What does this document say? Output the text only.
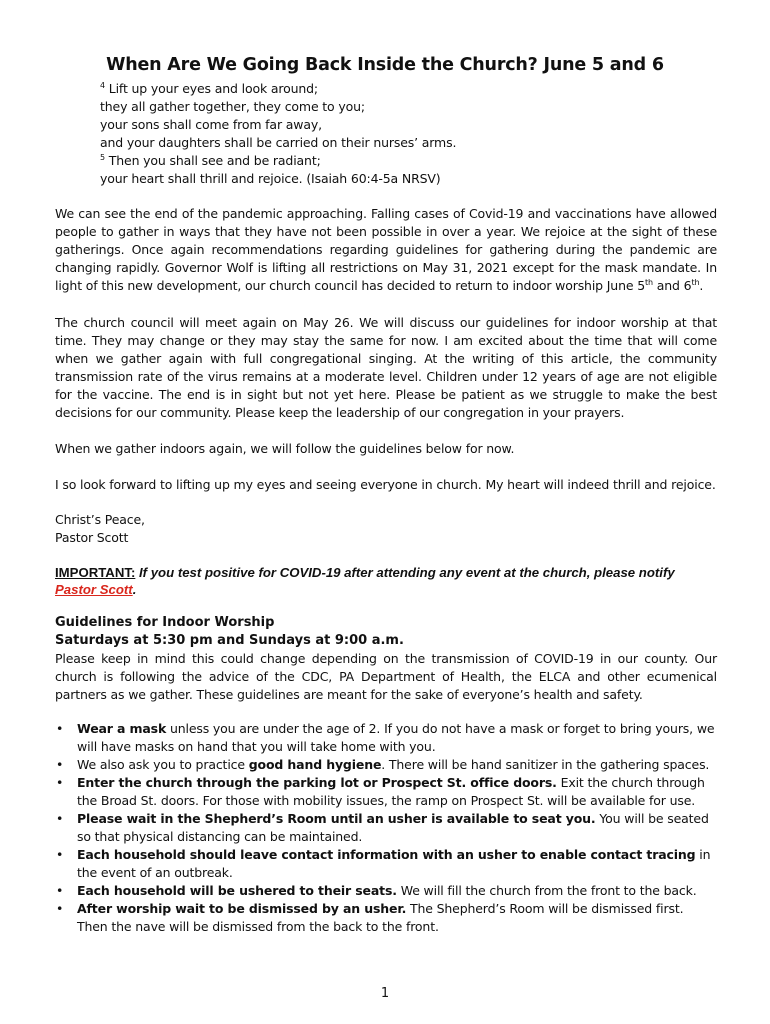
When Are We Going Back Inside the Church? June 5 and 6
$^4$ Lift up your eyes and look around;
they all gather together, they come to you;
your sons shall come from far away,
and your daughters shall be carried on their nurses’ arms.
$^5$ Then you shall see and be radiant;
your heart shall thrill and rejoice. (Isaiah 60:4-5a NRSV)

We can see the end of the pandemic approaching. Falling cases of Covid-19 and vaccinations have allowed people to gather in ways that they have not been possible in over a year. We rejoice at the sight of these gatherings. Once again recommendations regarding guidelines for gathering during the pandemic are changing rapidly. Governor Wolf is lifting all restrictions on May 31, 2021 except for the mask mandate. In light of this new development, our church council has decided to return to indoor worship June 5th and 6th.

The church council will meet again on May 26. We will discuss our guidelines for indoor worship at that time. They may change or they may stay the same for now. I am excited about the time that will come when we gather again with full congregational singing. At the writing of this article, the community transmission rate of the virus remains at a moderate level. Children under 12 years of age are not eligible for the vaccine. The end is in sight but not yet here. Please be patient as we struggle to make the best decisions for our community. Please keep the leadership of our congregation in your prayers.

When we gather indoors again, we will follow the guidelines below for now.

I so look forward to lifting up my eyes and seeing everyone in church. My heart will indeed thrill and rejoice.

Christ’s Peace,
Pastor Scott

IMPORTANT: If you test positive for COVID-19 after attending any event at the church, please notify Pastor Scott.
Guidelines for Indoor Worship
Saturdays at 5:30 pm and Sundays at 9:00 a.m.
Please keep in mind this could change depending on the transmission of COVID-19 in our county. Our church is following the advice of the CDC, PA Department of Health, the ELCA and other ecumenical partners as we gather. These guidelines are meant for the sake of everyone’s health and safety.
• Wear a mask unless you are under the age of 2. If you do not have a mask or forget to bring yours, we will have masks on hand that you will take home with you.
• We also ask you to practice good hand hygiene. There will be hand sanitizer in the gathering spaces.
• Enter the church through the parking lot or Prospect St. office doors. Exit the church through the Broad St. doors. For those with mobility issues, the ramp on Prospect St. will be available for use.
• Please wait in the Shepherd’s Room until an usher is available to seat you. You will be seated so that physical distancing can be maintained.
• Each household should leave contact information with an usher to enable contact tracing in the event of an outbreak.
• Each household will be ushered to their seats. We will fill the church from the front to the back.
• After worship wait to be dismissed by an usher. The Shepherd’s Room will be dismissed first. Then the nave will be dismissed from the back to the front.
1
